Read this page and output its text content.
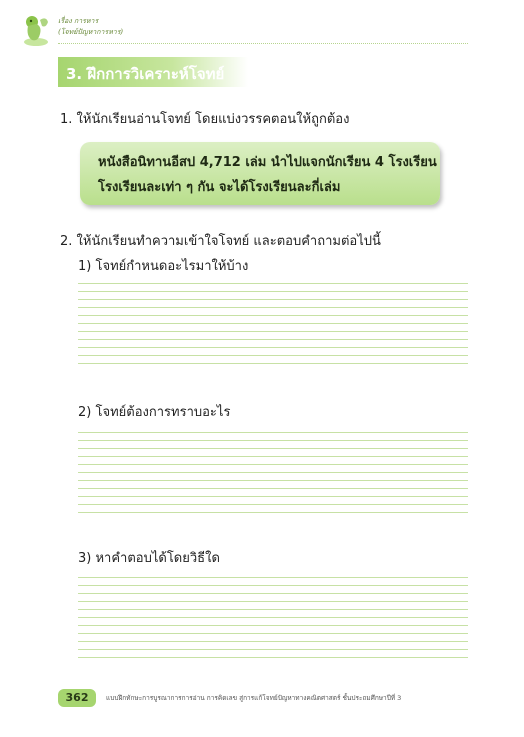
เรื่อง การหาร
(โจทย์ปัญหาการหาร)
3. ฝึกการวิเคราะห์โจทย์
1. ให้นักเรียนอ่านโจทย์ โดยแบ่งวรรคตอนให้ถูกต้อง
หนังสือนิทานอีสป 4,712 เล่ม นำไปแจกนักเรียน 4 โรงเรียน
โรงเรียนละเท่า ๆ กัน จะได้โรงเรียนละกี่เล่ม
2. ให้นักเรียนทำความเข้าใจโจทย์ และตอบคำถามต่อไปนี้
1) โจทย์กำหนดอะไรมาให้บ้าง
2) โจทย์ต้องการทราบอะไร
3) หาคำตอบได้โดยวิธีใด
362	แบบฝึกทักษะการบูรณาการการอ่าน การคิดเลข สู่การแก้โจทย์ปัญหาทางคณิตศาสตร์ ชั้นประถมศึกษาปีที่ 3
